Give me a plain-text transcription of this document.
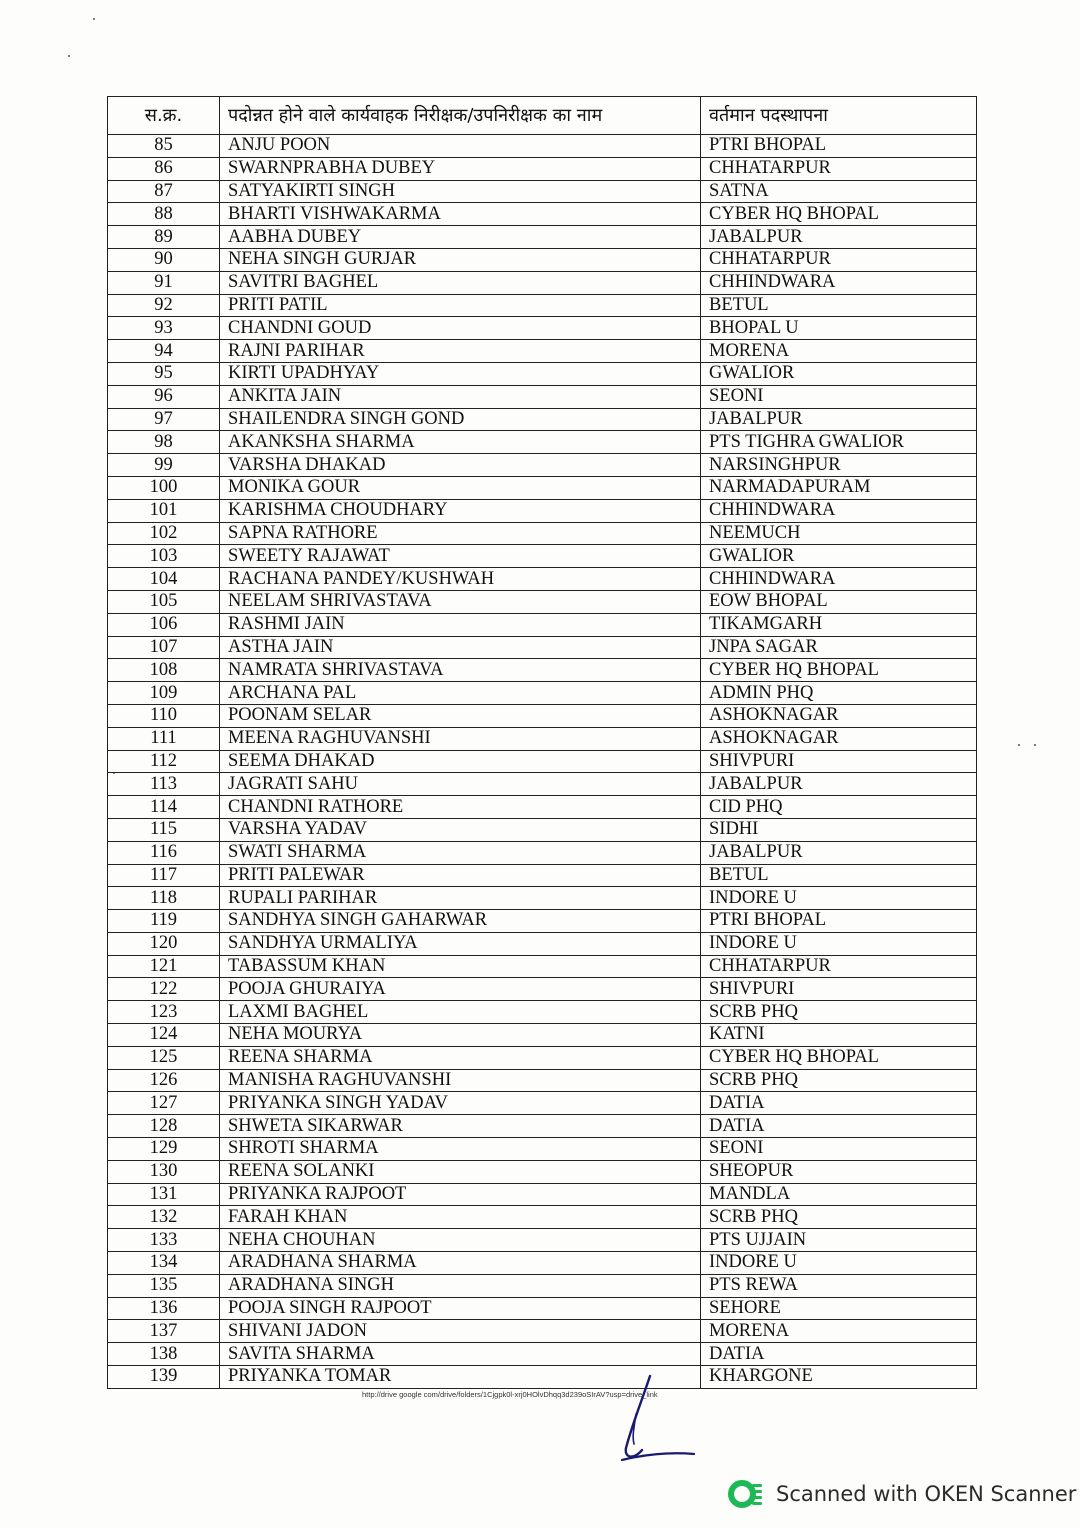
स.क्र.	पदोन्नत होने वाले कार्यवाहक निरीक्षक/उपनिरीक्षक का नाम	वर्तमान पदस्थापना
85	ANJU POON	PTRI BHOPAL
86	SWARNPRABHA DUBEY	CHHATARPUR
87	SATYAKIRTI SINGH	SATNA
88	BHARTI VISHWAKARMA	CYBER HQ BHOPAL
89	AABHA DUBEY	JABALPUR
90	NEHA SINGH GURJAR	CHHATARPUR
91	SAVITRI BAGHEL	CHHINDWARA
92	PRITI PATIL	BETUL
93	CHANDNI GOUD	BHOPAL U
94	RAJNI PARIHAR	MORENA
95	KIRTI UPADHYAY	GWALIOR
96	ANKITA JAIN	SEONI
97	SHAILENDRA SINGH GOND	JABALPUR
98	AKANKSHA SHARMA	PTS TIGHRA GWALIOR
99	VARSHA DHAKAD	NARSINGHPUR
100	MONIKA GOUR	NARMADAPURAM
101	KARISHMA CHOUDHARY	CHHINDWARA
102	SAPNA RATHORE	NEEMUCH
103	SWEETY RAJAWAT	GWALIOR
104	RACHANA PANDEY/KUSHWAH	CHHINDWARA
105	NEELAM SHRIVASTAVA	EOW BHOPAL
106	RASHMI JAIN	TIKAMGARH
107	ASTHA JAIN	JNPA SAGAR
108	NAMRATA SHRIVASTAVA	CYBER HQ BHOPAL
109	ARCHANA PAL	ADMIN PHQ
110	POONAM SELAR	ASHOKNAGAR
111	MEENA RAGHUVANSHI	ASHOKNAGAR
112	SEEMA DHAKAD	SHIVPURI
113	JAGRATI SAHU	JABALPUR
114	CHANDNI RATHORE	CID PHQ
115	VARSHA YADAV	SIDHI
116	SWATI SHARMA	JABALPUR
117	PRITI PALEWAR	BETUL
118	RUPALI PARIHAR	INDORE U
119	SANDHYA SINGH GAHARWAR	PTRI BHOPAL
120	SANDHYA URMALIYA	INDORE U
121	TABASSUM KHAN	CHHATARPUR
122	POOJA GHURAIYA	SHIVPURI
123	LAXMI BAGHEL	SCRB PHQ
124	NEHA MOURYA	KATNI
125	REENA SHARMA	CYBER HQ BHOPAL
126	MANISHA RAGHUVANSHI	SCRB PHQ
127	PRIYANKA SINGH YADAV	DATIA
128	SHWETA SIKARWAR	DATIA
129	SHROTI SHARMA	SEONI
130	REENA SOLANKI	SHEOPUR
131	PRIYANKA RAJPOOT	MANDLA
132	FARAH KHAN	SCRB PHQ
133	NEHA CHOUHAN	PTS UJJAIN
134	ARADHANA SHARMA	INDORE U
135	ARADHANA SINGH	PTS REWA
136	POOJA SINGH RAJPOOT	SEHORE
137	SHIVANI JADON	MORENA
138	SAVITA SHARMA	DATIA
139	PRIYANKA TOMAR	KHARGONE
http://drive google com/drive/folders/1Cjgpk0l-xrj0HOlvDhqq3d239oSIrAV?usp=drive_link
Scanned with OKEN Scanner
